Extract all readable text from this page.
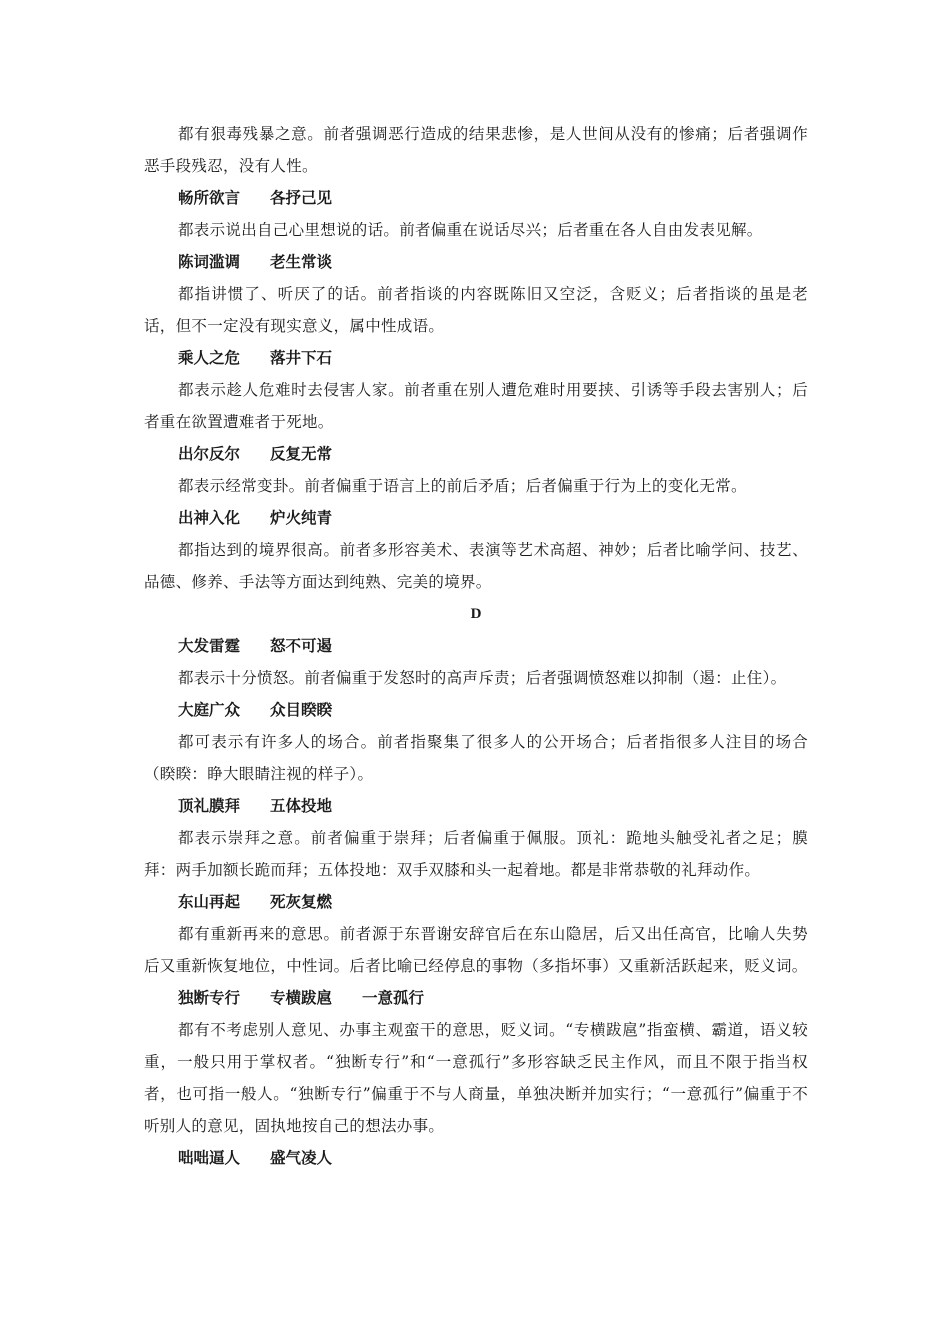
都有狠毒残暴之意。前者强调恶行造成的结果悲惨，是人世间从没有的惨痛；后者强调作恶手段残忍，没有人性。

畅所欲言 各抒己见

都表示说出自己心里想说的话。前者偏重在说话尽兴；后者重在各人自由发表见解。

陈词滥调 老生常谈

都指讲惯了、听厌了的话。前者指谈的内容既陈旧又空泛，含贬义；后者指谈的虽是老话，但不一定没有现实意义，属中性成语。

乘人之危 落井下石

都表示趁人危难时去侵害人家。前者重在别人遭危难时用要挟、引诱等手段去害别人；后者重在欲置遭难者于死地。

出尔反尔 反复无常

都表示经常变卦。前者偏重于语言上的前后矛盾；后者偏重于行为上的变化无常。

出神入化 炉火纯青

都指达到的境界很高。前者多形容美术、表演等艺术高超、神妙；后者比喻学问、技艺、品德、修养、手法等方面达到纯熟、完美的境界。

D

大发雷霆 怒不可遏

都表示十分愤怒。前者偏重于发怒时的高声斥责；后者强调愤怒难以抑制（遏：止住）。

大庭广众 众目睽睽

都可表示有许多人的场合。前者指聚集了很多人的公开场合；后者指很多人注目的场合（睽睽：睁大眼睛注视的样子）。

顶礼膜拜 五体投地

都表示崇拜之意。前者偏重于崇拜；后者偏重于佩服。顶礼：跪地头触受礼者之足；膜拜：两手加额长跪而拜；五体投地：双手双膝和头一起着地。都是非常恭敬的礼拜动作。

东山再起 死灰复燃

都有重新再来的意思。前者源于东晋谢安辞官后在东山隐居，后又出任高官，比喻人失势后又重新恢复地位，中性词。后者比喻已经停息的事物（多指坏事）又重新活跃起来，贬义词。

独断专行 专横跋扈 一意孤行

都有不考虑别人意见、办事主观蛮干的意思，贬义词。“专横跋扈”指蛮横、霸道，语义较重，一般只用于掌权者。“独断专行”和“一意孤行”多形容缺乏民主作风，而且不限于指当权者，也可指一般人。“独断专行”偏重于不与人商量，单独决断并加实行；“一意孤行”偏重于不听别人的意见，固执地按自己的想法办事。

咄咄逼人 盛气凌人
